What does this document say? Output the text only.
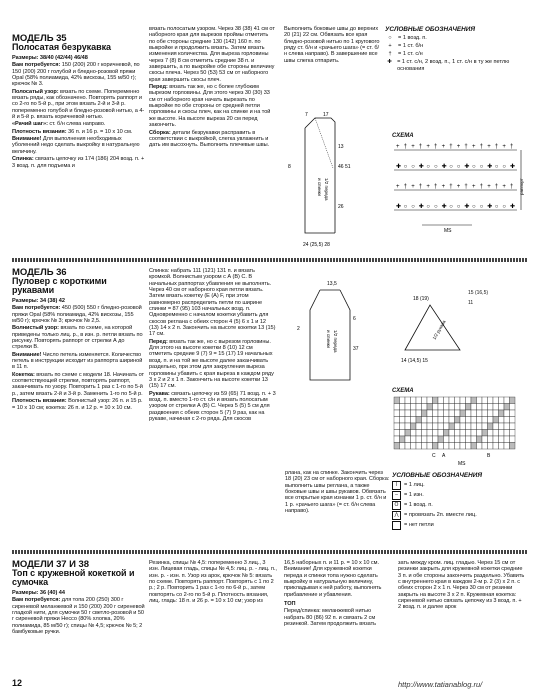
МОДЕЛЬ 35
Полосатая безрукавка

Размеры: 38/40 (42/44) 46/48

Вам потребуется: 150 (200) 200 г коричневой, по 150 (200) 200 г голубой и бледно-розовой пряжи Opal (58% полиамида, 42% вискозы, 155 м/50 г); крючок № 3.

Полосатый узор: вязать по схеме. Попеременно вязать ряды, как обозначено. Повторять раппорт и со 2-го по 5-й р., при этом вязать 2-й и 3-й р. попеременно голубой и бледно-розовой нитью, а 4-й и 5-й р. вязать коричневой нитью.

«Рачий шаг»: ст. б/н слева направо.

Плотность вязания: 36 п. и 16 р. = 10 х 10 см.

Внимание! Для выполнения необходимых уболенний недо сделать выкройку в натуральную величину.

Спинка: связать цепочку из 174 (186) 204 возд. п. + 3 возд. п. для подъема и

вязать полосатым узором. Через 38 (38) 41 см от наборного края для вырезов проймы отметить по обе стороны средние 130 (142) 160 п. по выкройке и продолжить вязать. Затем вязать изменения количества. Для выреза горловины через 7 (8) 8 см отметить средние 38 п. и завершить, а по выкройке обе стороны величину скосы плеча. Через 50 (53) 53 см от наборного края завершить скосы плеч.

Перед: вязать так же, но с более глубоким вырезом горловины. Для этого через 30 (30) 33 см от наборного края начать вырезать по выкройке по обе стороны от средней петли горловины и скосы плеч, как на спинке и на той же высоте. На высоте выреза 20 см перед закончить.

Сборка: детали безрукавки расправить в соответствии с выкройкой, слегка увлажнить и дать им высохнуть. Выполнить плечевые швы.

Выполнить боковые швы до верхних 20 (21) 22 см. Обвязать все края бледно-розовой нитью по 1 кругового ряду ст. б/н и «рачьего шага» (= ст. б/н слева направо). В завершение все швы слегка отпарить.

7	17
13
46 51
26
1/2 переда
и спинки
24 (25,5) 28
8
УСЛОВНЫЕ ОБОЗНАЧЕНИЯ
○	= 1 возд. п.
+	= 1 ст. б/н
†	= 1 ст. с/н
✚ = 1 ст. с/н, 2 возд. п., 1 ст. с/н в ту же петлю основания
СХЕМА
+ † + † + † + † + † + † + † + †
✚ ○ ○ ✚ ○ ○ ✚ ○ ○ ✚ ○ ○ ✚ ○ ○ ✚
+ † + † + † + † + † + † + † + †
✚ ○ ○ ✚ ○ ○ ✚ ○ ○ ✚ ○ ○ ✚ ○ ○ ✚
раппорт
MS
МОДЕЛЬ 36
Пуловер с короткими рукавами

Размеры: 34 (38) 42

Вам потребуется: 450 (500) 550 г бледно-розовой пряжи Opal (58% полиамида, 42% вискозы, 155 м/50 г); крючок № 3; крючок № 2,5.

Волнистый узор: вязать по схеме, на которой приведены только лиц. р., в изн. р. петли вязать по рисунку. Повторять раппорт от стрелки А до стрелки В.

Внимание! Число петель изменяется. Количество петель в инструкции исходит из раппорта шириной в 11 п.

Кокетка: вязать по схеме с модели 18. Начинать от соответствующей стрелки, повторять раппорт, заканчивать по узору. Повторить 1 раз с 1-го по 5-й р., затем вязать 2-й и 3-й р. Заменить 1-го по 5-й р.

Плотность вязания: Волнистый узор: 26 п. и 15 р. = 10 х 10 см; кокетка: 26 п. и 12 р. = 10 х 10 см.

Спинка: набрать 111 (121) 131 п. и вязать кромкой. Волнистым узором с А (В) С. В начальных раппортах убавления не выполнять. Через 40 см от наборного края петли вязать. Затем вязать кокетку (E (A) F, при этом равномерно распределить петли по ширине спинки = 87 (95) 103 начальных возд. п. Одновременно с началом кокетки убавить для скосов реглана с обеих сторон 4 (5) 6 х 1 и 12 (13) 14 х 2 п. Закончить на высоте кокетки 13 (15) 17 см.

Перед: вязать так же, но с вырезом горловины. Для этого на высоте кокетки 8 (10) 12 см отметить средние 9 (7) 9 = 15 (17) 19 начальных возд. п. и на той же высоте далее заканчивать раздельно, при этом для закругления выреза горловины убавить с края выреза в каждом ряду 3 х 2 и 2 х 1 п. Закончить на высоте кокетки 13 (15) 17 см.

Рукава: связать цепочку из 59 (65) 71 возд. п. + 3 возд. п. вместо 1-го ст. с/н и вязать полосатым узором от стрелки А (В) С. Через 5 (5) 5 см для раздвоения с обеих сторон 5 (7) 9 раз, как на рукаве, начиная с 2-го ряда. Для скосов

рлана, как на спинке. Закончить через 18 (20) 23 см от наборного края. Сборка: выполнить швы реглана, а также боковые швы и швы рукавов. Обвязать все открытые края изнанки 1 р. ст. б/н и 1 р. «рачьего шага» (= ст. б/н слева направо).

13,5
6
37
1/2 переда
и спинки
2
18 (19)
14 (14,5) 15
1/2 рукава
15 (16,5)
11
СХЕМА
C A	B
MS
УСЛОВНЫЕ ОБОЗНАЧЕНИЯ
I	= 1 лиц.
–	= 1 изн.
O = 1 возд. п.
⋀ = провязать 2п. вместе лиц.
= нет петли
МОДЕЛИ 37 И 38
Топ с кружевной кокеткой и сумочка

Размеры: 36 (40) 44

Вам потребуется: для топа 200 (250) 300 г сиреневой меланжевой и 150 (200) 200 г сиреневой гладкой нити, для сумочки 50 г светло-розовой и 50 г сиреневой пряжи Нессо (80% хлопка, 20% полиамида, 85 м/50 г); спицы № 4,5; крючок № 5; 2 бамбуковые ручки.

Резинка, спицы № 4,5: попеременно 3 лиц., 3 изн. Лицевая гладь, спицы № 4,5: лиц. р. - лиц. п., изн. р. - изн. п. Узор из арок, крючок № 5: вязать по схеме. Повторять раппорт. Повторять с 1 по 2 р.; 2 р. Повторить 1 раз с 1-го по 6-й р., затем повторять со 2-го по 5-й р. Плотность вязания, лиц. гладь: 18 п. и 26 р. = 10 х 10 см; узор из

16,5 наборных п. и 11 р. = 10 х 10 см. Внимание! Для кружевной кокетки переда и спинки топа нужно сделать выкройку в натуральную величину, прикладывая к ней работу, выполнять прибавление и убавления.

ТОП

Перед/спинка: меланжевой нитью набрать 80 (86) 92 п. и связать 2 см резинкой. Затем продолжить вязать

зать между кром. лиц. гладью. Через 15 см от резинки закрыть для кружевной кокетки средние 3 п. и обе стороны закончить раздельно. Убавить с внутреннего края в каждом 2-м р. 2 (3) х 2 п. с обеих сторон 2 х 1 п. Через 30 см от резинки закрыть на высоте 3 х 2 п. Кружевная кокетка: сиреневой нитью связать цепочку из 3 возд. п. + 2 возд. п. и далее арок

12	http://www.tatianablog.ru/
